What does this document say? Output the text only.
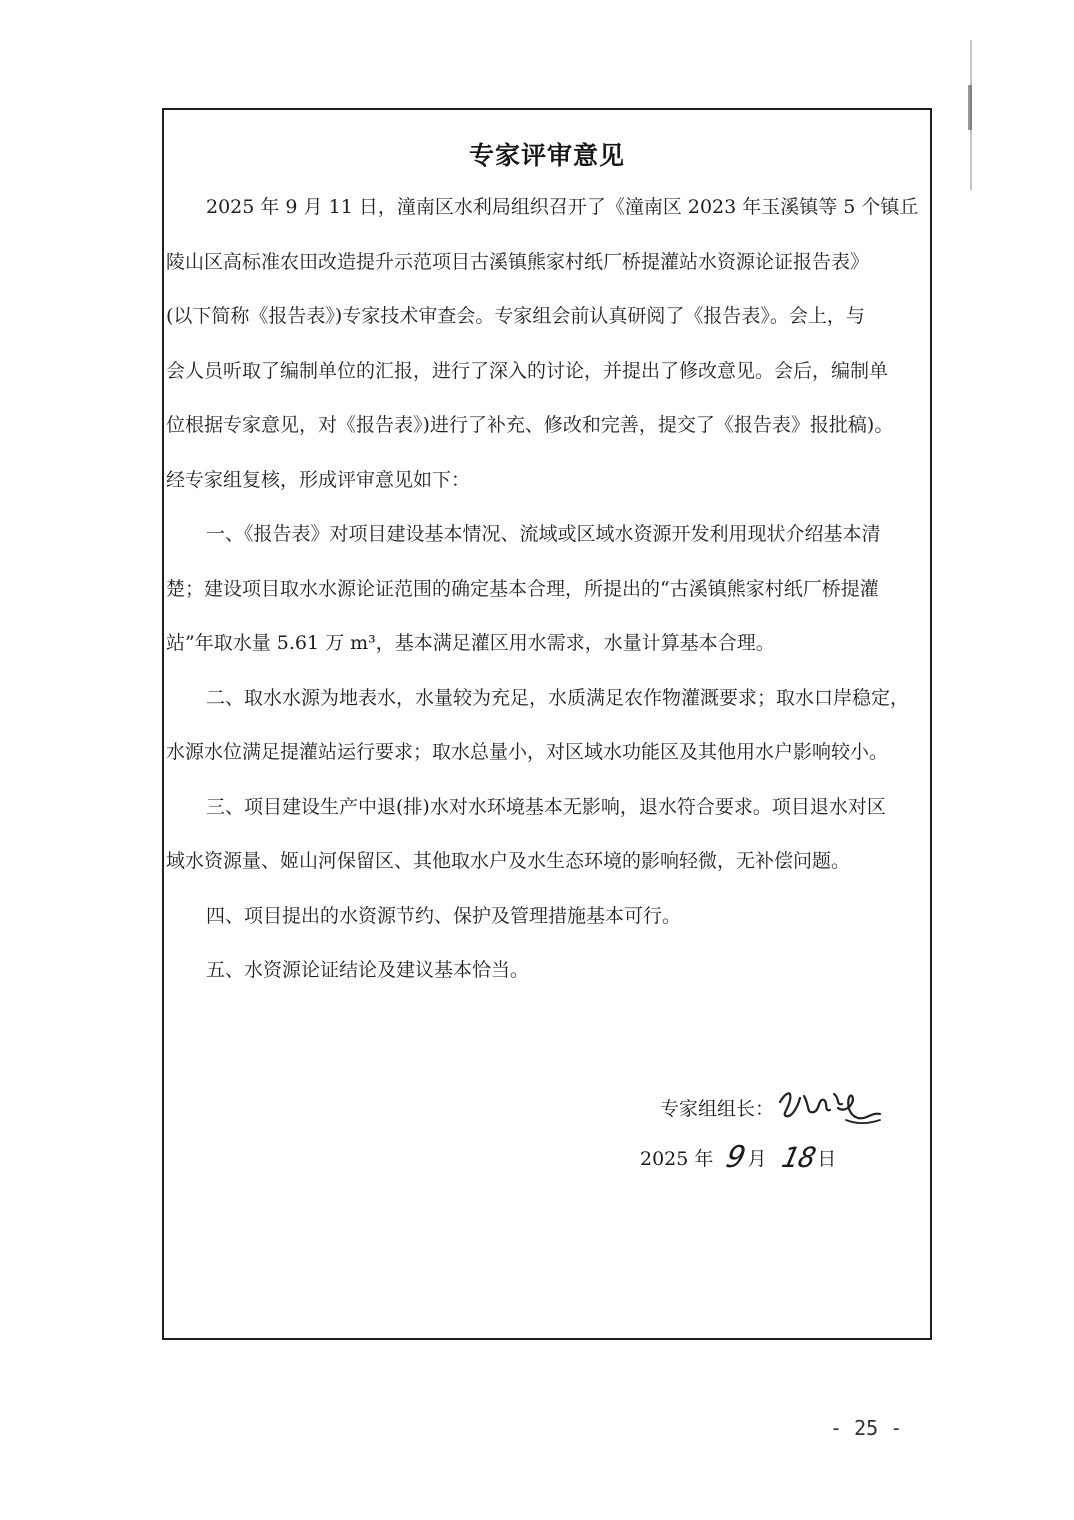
专家评审意见
2025 年 9 月 11 日，潼南区水利局组织召开了《潼南区 2023 年玉溪镇等 5 个镇丘
陵山区高标准农田改造提升示范项目古溪镇熊家村纸厂桥提灌站水资源论证报告表》
(以下简称《报告表》)专家技术审查会。专家组会前认真研阅了《报告表》。会上，与
会人员听取了编制单位的汇报，进行了深入的讨论，并提出了修改意见。会后，编制单
位根据专家意见，对《报告表》)进行了补充、修改和完善，提交了《报告表》报批稿)。
经专家组复核，形成评审意见如下：
一、《报告表》对项目建设基本情况、流域或区域水资源开发利用现状介绍基本清
楚；建设项目取水水源论证范围的确定基本合理，所提出的“古溪镇熊家村纸厂桥提灌
站”年取水量 5.61 万 m³，基本满足灌区用水需求，水量计算基本合理。
二、取水水源为地表水，水量较为充足，水质满足农作物灌溉要求；取水口岸稳定，
水源水位满足提灌站运行要求；取水总量小，对区域水功能区及其他用水户影响较小。
三、项目建设生产中退(排)水对水环境基本无影响，退水符合要求。项目退水对区
域水资源量、姬山河保留区、其他取水户及水生态环境的影响轻微，无补偿问题。
四、项目提出的水资源节约、保护及管理措施基本可行。
五、水资源论证结论及建议基本恰当。
专家组组长：
2025 年 9
月 18
日
- 25 -
